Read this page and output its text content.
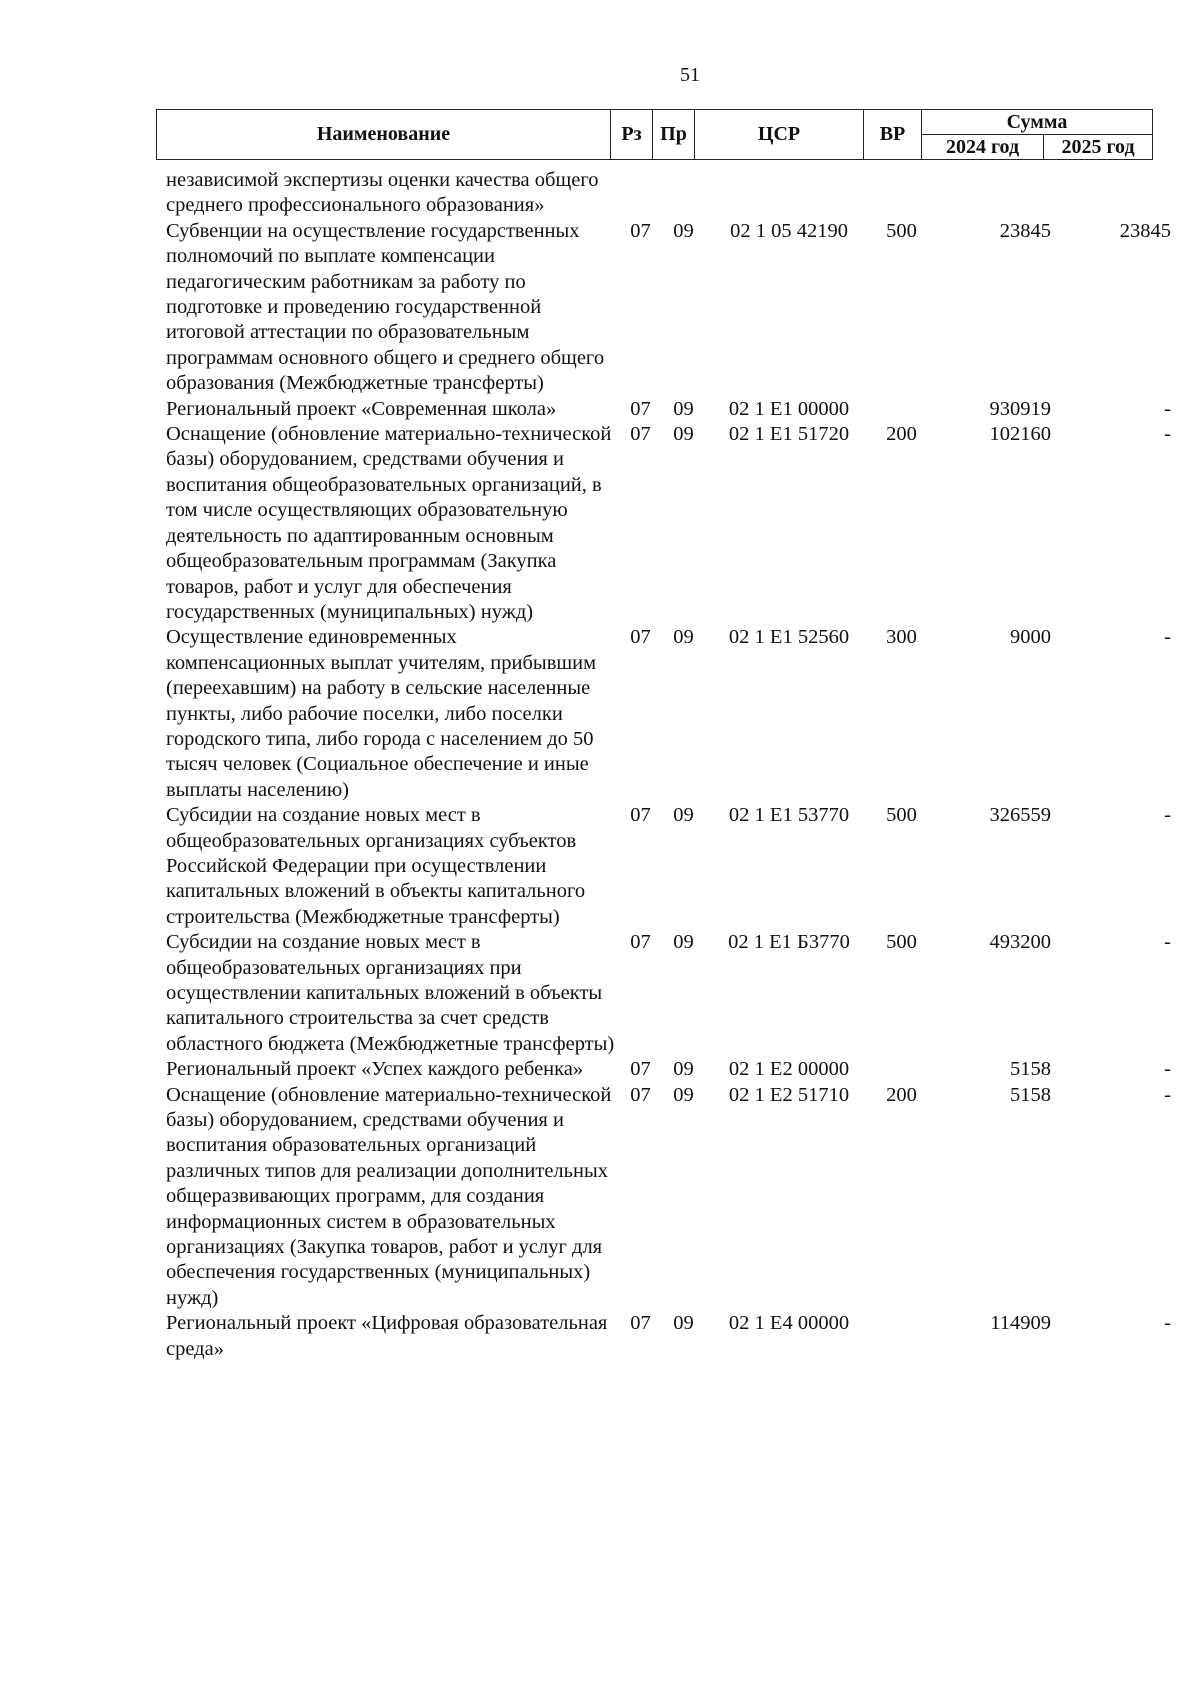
51
Наименование	Рз	Пр	ЦСР	ВР	Сумма	
					2024 год	2025 год
независимой экспертизы оценки качества общего среднего профессионального образования»						
Субвенции на осуществление государственных полномочий по выплате компенсации педагогическим работникам за работу по подготовке и проведению государственной итоговой аттестации по образовательным программам основного общего и среднего общего образования (Межбюджетные трансферты)	07	09	02 1 05 42190	500	23845	23845
Региональный проект «Современная школа»	07	09	02 1 E1 00000		930919	-
Оснащение (обновление материально-технической базы) оборудованием, средствами обучения и воспитания общеобразовательных организаций, в том числе осуществляющих образовательную деятельность по адаптированным основным общеобразовательным программам (Закупка товаров, работ и услуг для обеспечения государственных (муниципальных) нужд)	07	09	02 1 E1 51720	200	102160	-
Осуществление единовременных компенсационных выплат учителям, прибывшим (переехавшим) на работу в сельские населенные пункты, либо рабочие поселки, либо поселки городского типа, либо города с населением до 50 тысяч человек (Социальное обеспечение и иные выплаты населению)	07	09	02 1 E1 52560	300	9000	-
Субсидии на создание новых мест в общеобразовательных организациях субъектов Российской Федерации при осуществлении капитальных вложений в объекты капитального строительства (Межбюджетные трансферты)	07	09	02 1 E1 53770	500	326559	-
Субсидии на создание новых мест в общеобразовательных организациях при осуществлении капитальных вложений в объекты капитального строительства за счет средств областного бюджета (Межбюджетные трансферты)	07	09	02 1 E1 Б3770	500	493200	-
Региональный проект «Успех каждого ребенка»	07	09	02 1 E2 00000		5158	-
Оснащение (обновление материально-технической базы) оборудованием, средствами обучения и воспитания образовательных организаций различных типов для реализации дополнительных общеразвивающих программ, для создания информационных систем в образовательных организациях (Закупка товаров, работ и услуг для обеспечения государственных (муниципальных) нужд)	07	09	02 1 E2 51710	200	5158	-
Региональный проект «Цифровая образовательная среда»	07	09	02 1 E4 00000		114909	-
